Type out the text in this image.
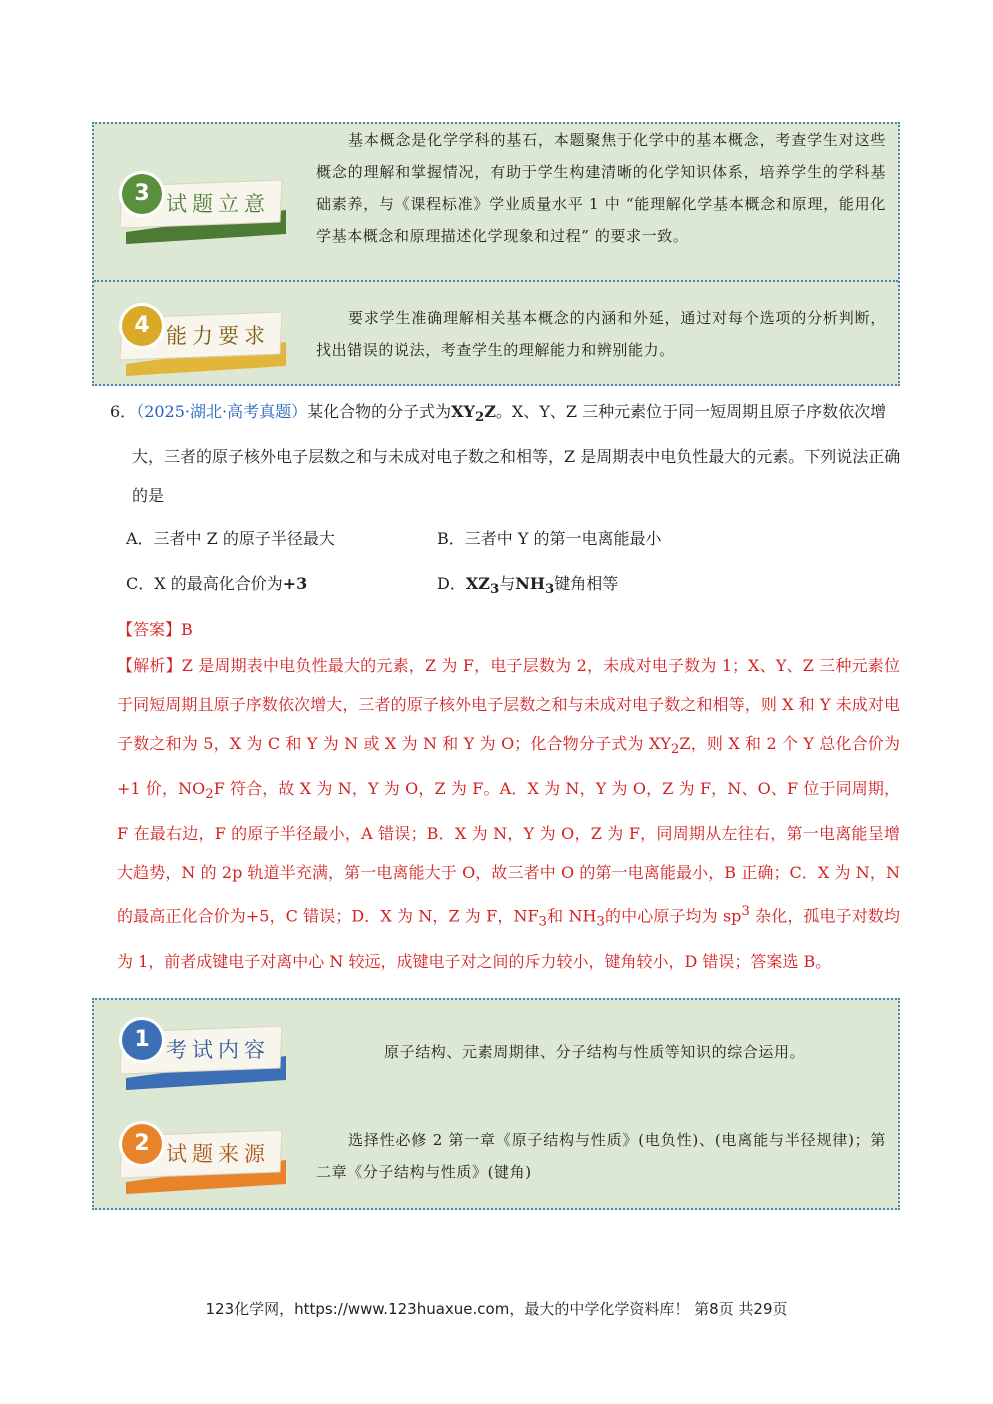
3 试题立意
基本概念是化学学科的基石，本题聚焦于化学中的基本概念，考查学生对这些概念的理解和掌握情况，有助于学生构建清晰的化学知识体系，培养学生的学科基础素养，与《课程标准》学业质量水平 1 中 “能理解化学基本概念和原理，能用化学基本概念和原理描述化学现象和过程” 的要求一致。
4 能力要求
要求学生准确理解相关基本概念的内涵和外延，通过对每个选项的分析判断，找出错误的说法，考查学生的理解能力和辨别能力。
6．（2025·湖北·高考真题）某化合物的分子式为$XY_2Z$。X、Y、Z 三种元素位于同一短周期且原子序数依次增大，三者的原子核外电子层数之和与未成对电子数之和相等，Z 是周期表中电负性最大的元素。下列说法正确的是
A．三者中 Z 的原子半径最大	B．三者中 Y 的第一电离能最小
C．X 的最高化合价为+3	D．$XZ_3$与$NH_3$键角相等
【答案】B
【解析】Z 是周期表中电负性最大的元素，Z 为 F，电子层数为 2，未成对电子数为 1；X、Y、Z 三种元素位于同短周期且原子序数依次增大，三者的原子核外电子层数之和与未成对电子数之和相等，则 X 和 Y 未成对电子数之和为 5，X 为 C 和 Y 为 N 或 X 为 N 和 Y 为 O；化合物分子式为 $XY_2Z$，则 X 和 2 个 Y 总化合价为+1 价，$NO_2F$ 符合，故 X 为 N，Y 为 O，Z 为 F。A．X 为 N，Y 为 O，Z 为 F，N、O、F 位于同周期，F 在最右边，F 的原子半径最小，A 错误；B．X 为 N，Y 为 O，Z 为 F，同周期从左往右，第一电离能呈增大趋势，N 的 2p 轨道半充满，第一电离能大于 O，故三者中 O 的第一电离能最小，B 正确；C．X 为 N，N 的最高正化合价为+5，C 错误；D．X 为 N，Z 为 F，$NF_3$和 $NH_3$的中心原子均为 $sp^3$ 杂化，孤电子对数均为 1，前者成键电子对离中心 N 较远，成键电子对之间的斥力较小，键角较小，D 错误；答案选 B。
1 考试内容	原子结构、元素周期律、分子结构与性质等知识的综合运用。
2 试题来源
选择性必修 2 第一章《原子结构与性质》(电负性)、(电离能与半径规律)；第二章《分子结构与性质》(键角)
123化学网，https://www.123huaxue.com，最大的中学化学资料库！ 第8页 共29页
